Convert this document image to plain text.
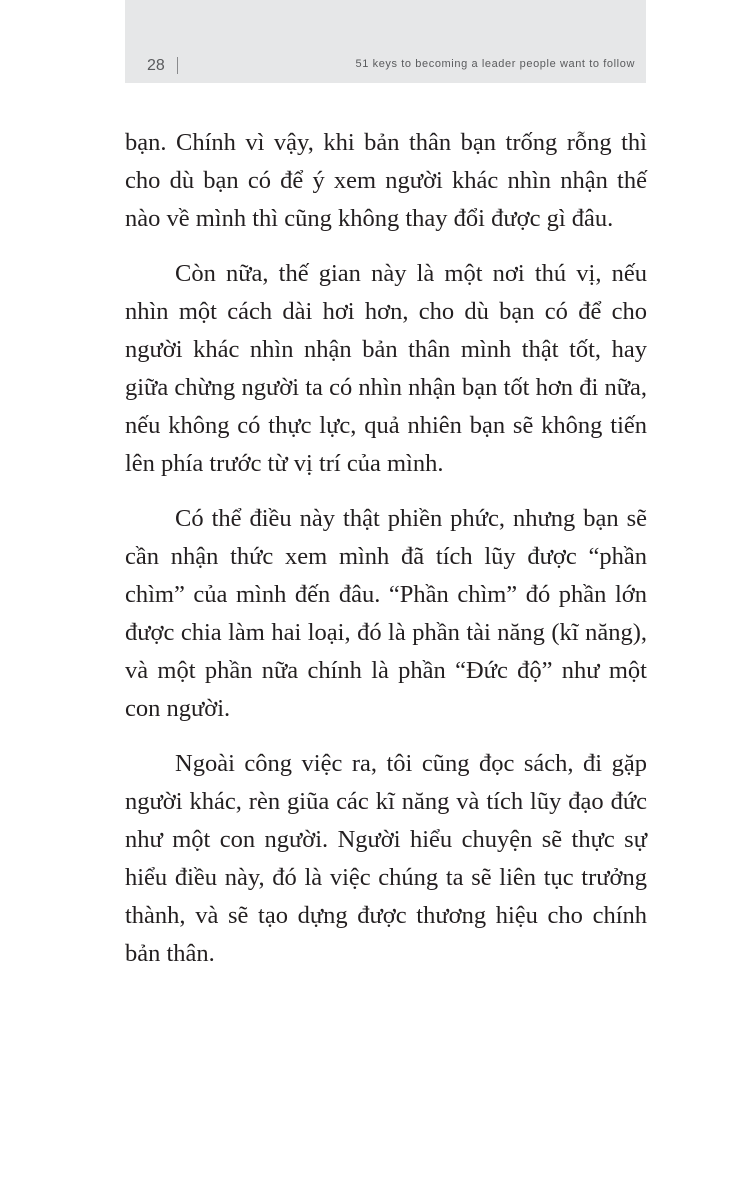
28	51 keys to becoming a leader people want to follow

bạn. Chính vì vậy, khi bản thân bạn trống rỗng thì cho dù bạn có để ý xem người khác nhìn nhận thế nào về mình thì cũng không thay đổi được gì đâu.

Còn nữa, thế gian này là một nơi thú vị, nếu nhìn một cách dài hơi hơn, cho dù bạn có để cho người khác nhìn nhận bản thân mình thật tốt, hay giữa chừng người ta có nhìn nhận bạn tốt hơn đi nữa, nếu không có thực lực, quả nhiên bạn sẽ không tiến lên phía trước từ vị trí của mình.

Có thể điều này thật phiền phức, nhưng bạn sẽ cần nhận thức xem mình đã tích lũy được “phần chìm” của mình đến đâu. “Phần chìm” đó phần lớn được chia làm hai loại, đó là phần tài năng (kĩ năng), và một phần nữa chính là phần “Đức độ” như một con người.

Ngoài công việc ra, tôi cũng đọc sách, đi gặp người khác, rèn giũa các kĩ năng và tích lũy đạo đức như một con người. Người hiểu chuyện sẽ thực sự hiểu điều này, đó là việc chúng ta sẽ liên tục trưởng thành, và sẽ tạo dựng được thương hiệu cho chính bản thân.
